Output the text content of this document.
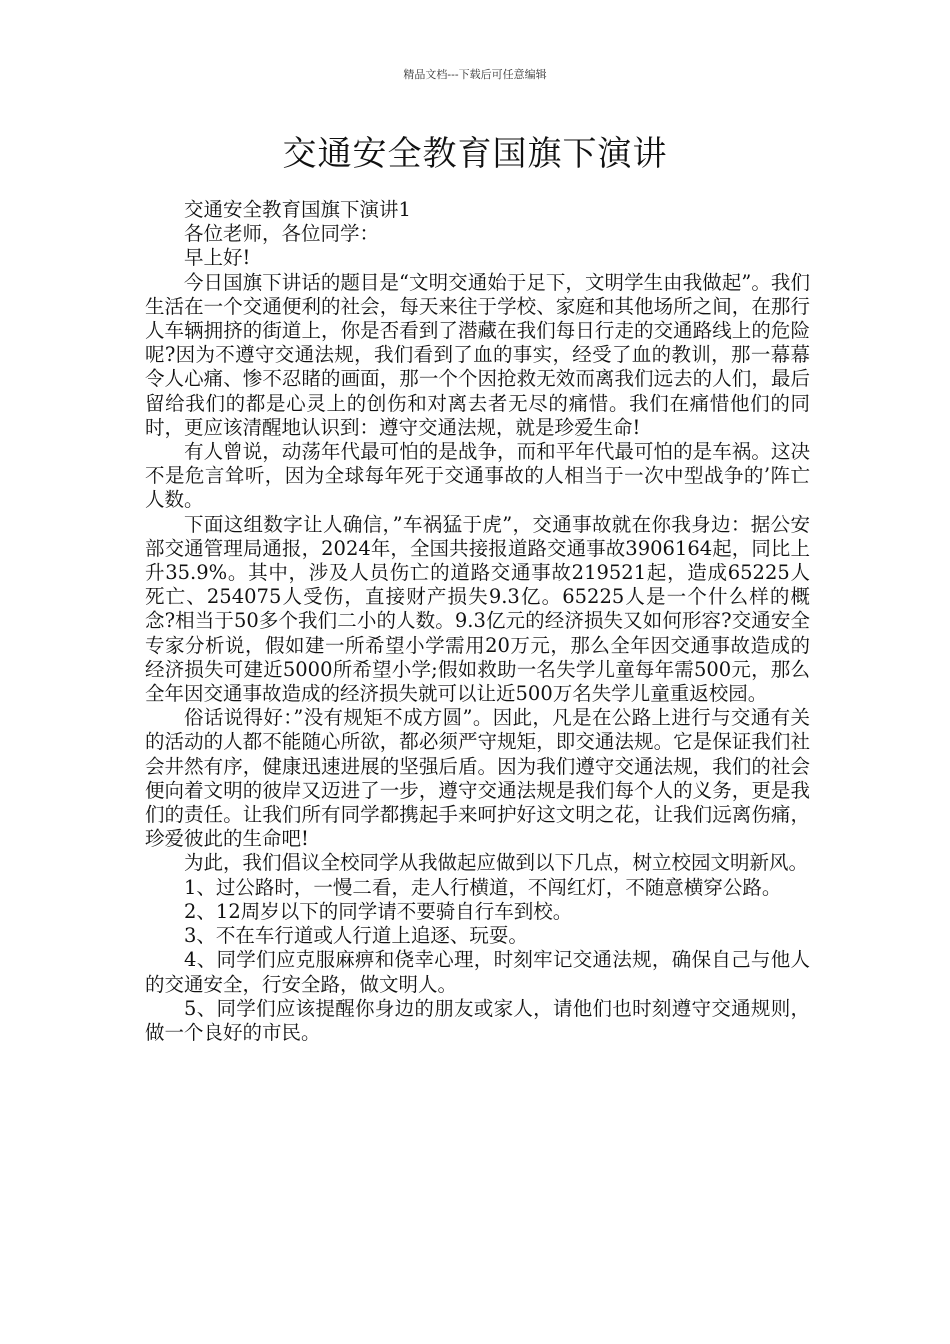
精品文档---下载后可任意编辑
交通安全教育国旗下演讲

交通安全教育国旗下演讲1

各位老师，各位同学：

早上好!

今日国旗下讲话的题目是“文明交通始于足下，文明学生由我做起”。我们生活在一个交通便利的社会，每天来往于学校、家庭和其他场所之间，在那行人车辆拥挤的街道上，你是否看到了潜藏在我们每日行走的交通路线上的危险呢?因为不遵守交通法规，我们看到了血的事实，经受了血的教训，那一幕幕令人心痛、惨不忍睹的画面，那一个个因抢救无效而离我们远去的人们，最后留给我们的都是心灵上的创伤和对离去者无尽的痛惜。我们在痛惜他们的同时，更应该清醒地认识到：遵守交通法规，就是珍爱生命!

有人曾说，动荡年代最可怕的是战争，而和平年代最可怕的是车祸。这决不是危言耸听，因为全球每年死于交通事故的人相当于一次中型战争的’阵亡人数。

下面这组数字让人确信，”车祸猛于虎”，交通事故就在你我身边：据公安部交通管理局通报，2024年，全国共接报道路交通事故3906164起，同比上升35.9%。其中，涉及人员伤亡的道路交通事故219521起，造成65225人死亡、254075人受伤，直接财产损失9.3亿。65225人是一个什么样的概念?相当于50多个我们二小的人数。9.3亿元的经济损失又如何形容?交通安全专家分析说，假如建一所希望小学需用20万元，那么全年因交通事故造成的经济损失可建近5000所希望小学;假如救助一名失学儿童每年需500元，那么全年因交通事故造成的经济损失就可以让近500万名失学儿童重返校园。

俗话说得好：”没有规矩不成方圆”。因此，凡是在公路上进行与交通有关的活动的人都不能随心所欲，都必须严守规矩，即交通法规。它是保证我们社会井然有序，健康迅速进展的坚强后盾。因为我们遵守交通法规，我们的社会便向着文明的彼岸又迈进了一步，遵守交通法规是我们每个人的义务，更是我们的责任。让我们所有同学都携起手来呵护好这文明之花，让我们远离伤痛，珍爱彼此的生命吧!

为此，我们倡议全校同学从我做起应做到以下几点，树立校园文明新风。

1、过公路时，一慢二看，走人行横道，不闯红灯，不随意横穿公路。

2、12周岁以下的同学请不要骑自行车到校。

3、不在车行道或人行道上追逐、玩耍。

4、同学们应克服麻痹和侥幸心理，时刻牢记交通法规，确保自己与他人的交通安全，行安全路，做文明人。

5、同学们应该提醒你身边的朋友或家人，请他们也时刻遵守交通规则，做一个良好的市民。
